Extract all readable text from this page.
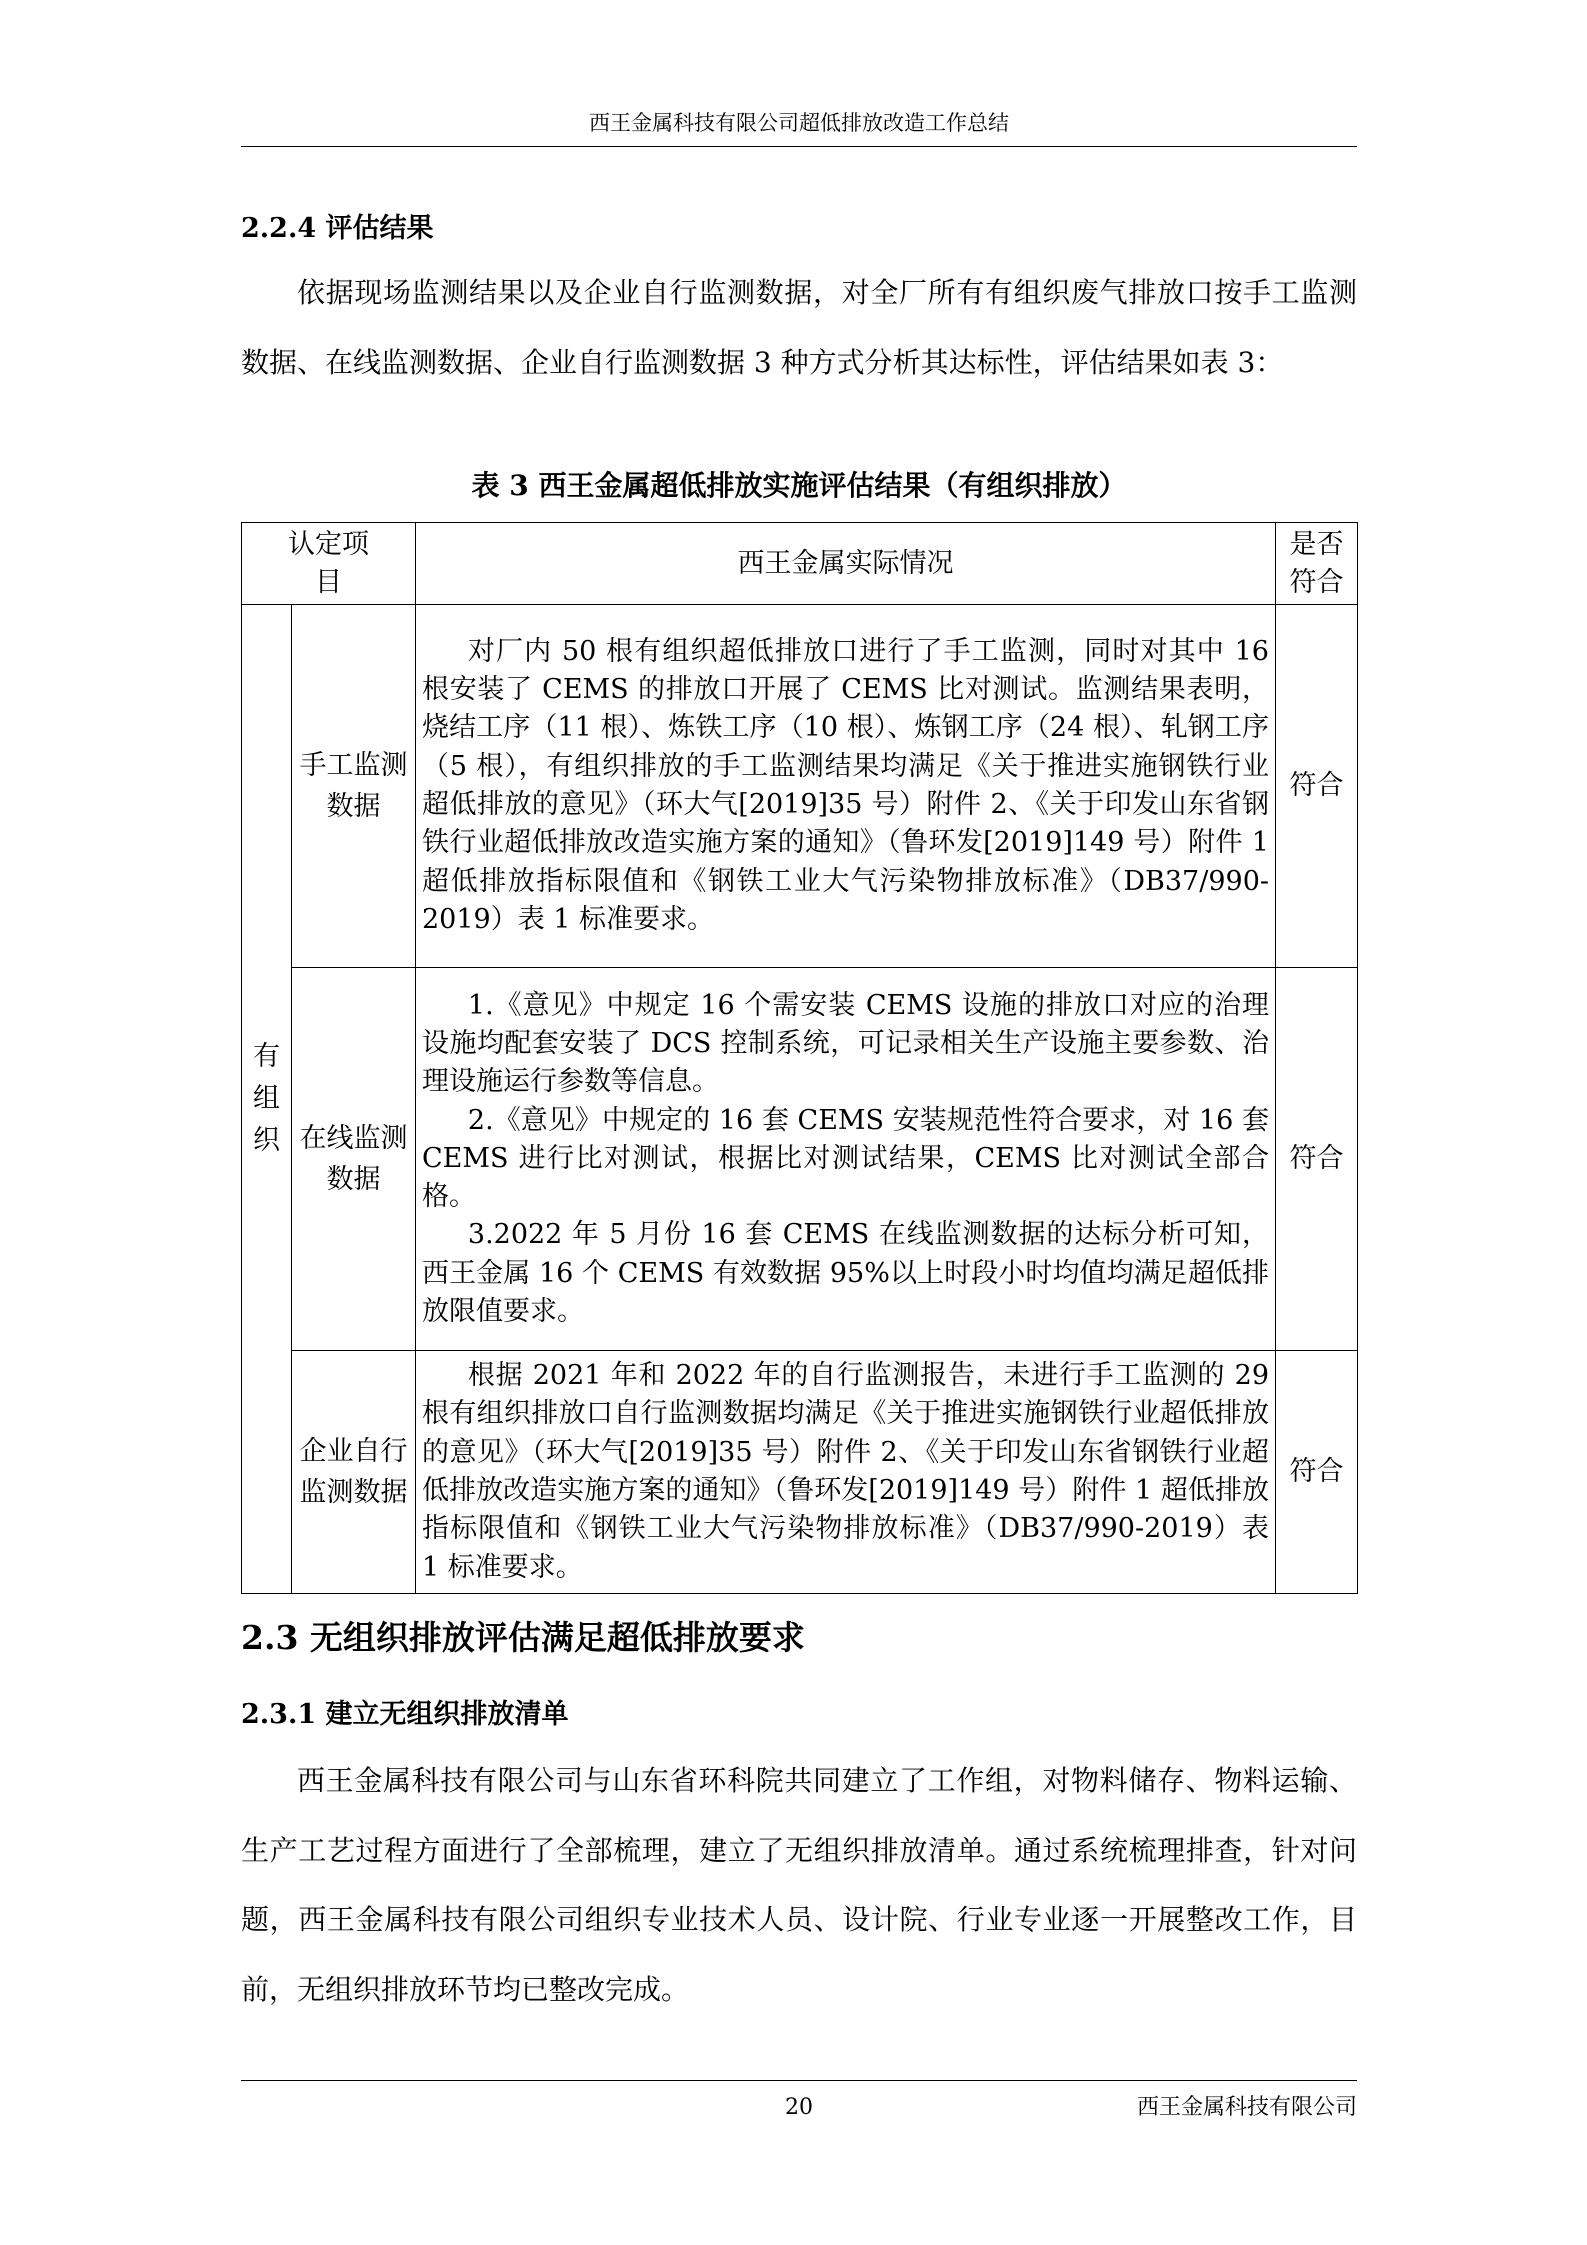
西王金属科技有限公司超低排放改造工作总结
2.2.4 评估结果

依据现场监测结果以及企业自行监测数据，对全厂所有有组织废气排放口按手工监测数据、在线监测数据、企业自行监测数据 3 种方式分析其达标性，评估结果如表 3：

表 3 西王金属超低排放实施评估结果（有组织排放）
认定项目		西王金属实际情况	是否符合
有组织	手工监测数据	对厂内 50 根有组织超低排放口进行了手工监测，同时对其中 16 根安装了 CEMS 的排放口开展了 CEMS 比对测试。监测结果表明，烧结工序（11 根）、炼铁工序（10 根）、炼钢工序（24 根）、轧钢工序（5 根），有组织排放的手工监测结果均满足《关于推进实施钢铁行业超低排放的意见》（环大气[2019]35 号）附件 2、《关于印发山东省钢铁行业超低排放改造实施方案的通知》（鲁环发[2019]149 号）附件 1 超低排放指标限值和《钢铁工业大气污染物排放标准》（DB37/990-2019）表 1 标准要求。	符合
	在线监测数据	1.《意见》中规定 16 个需安装 CEMS 设施的排放口对应的治理设施均配套安装了 DCS 控制系统，可记录相关生产设施主要参数、治理设施运行参数等信息。

2.《意见》中规定的 16 套 CEMS 安装规范性符合要求，对 16 套 CEMS 进行比对测试，根据比对测试结果，CEMS 比对测试全部合格。

3.2022 年 5 月份 16 套 CEMS 在线监测数据的达标分析可知，西王金属 16 个 CEMS 有效数据 95%以上时段小时均值均满足超低排放限值要求。	符合
	企业自行监测数据	根据 2021 年和 2022 年的自行监测报告，未进行手工监测的 29 根有组织排放口自行监测数据均满足《关于推进实施钢铁行业超低排放的意见》（环大气[2019]35 号）附件 2、《关于印发山东省钢铁行业超低排放改造实施方案的通知》（鲁环发[2019]149 号）附件 1 超低排放指标限值和《钢铁工业大气污染物排放标准》（DB37/990-2019）表 1 标准要求。	符合
2.3 无组织排放评估满足超低排放要求
2.3.1 建立无组织排放清单

西王金属科技有限公司与山东省环科院共同建立了工作组，对物料储存、物料运输、生产工艺过程方面进行了全部梳理，建立了无组织排放清单。通过系统梳理排查，针对问题，西王金属科技有限公司组织专业技术人员、设计院、行业专业逐一开展整改工作，目前，无组织排放环节均已整改完成。

20	西王金属科技有限公司
